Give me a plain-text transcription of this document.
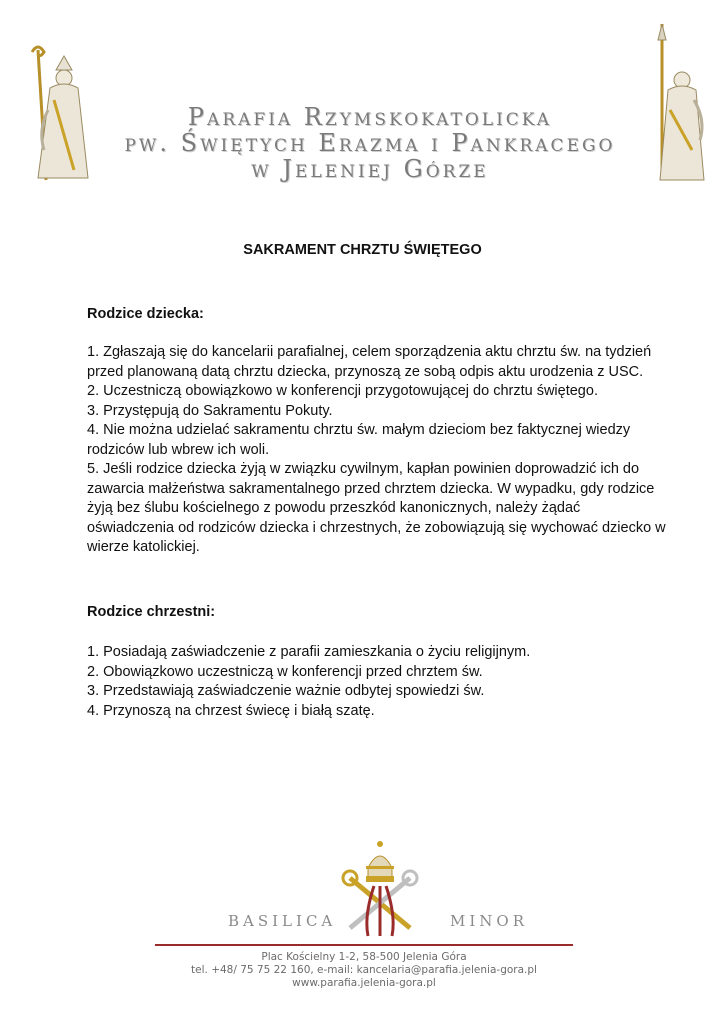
Parafia Rzymskokatolicka
pw. Świętych Erazma i Pankracego
w Jeleniej Górze
SAKRAMENT CHRZTU ŚWIĘTEGO
Rodzice dziecka:

1. Zgłaszają się do kancelarii parafialnej, celem sporządzenia aktu chrztu św. na tydzień przed planowaną datą chrztu dziecka, przynoszą ze sobą odpis aktu urodzenia z USC.

2. Uczestniczą obowiązkowo w konferencji przygotowującej do chrztu świętego.

3. Przystępują do Sakramentu Pokuty.

4. Nie można udzielać sakramentu chrztu św. małym dzieciom bez faktycznej wiedzy rodziców lub wbrew ich woli.

5. Jeśli rodzice dziecka żyją w związku cywilnym, kapłan powinien doprowadzić ich do zawarcia małżeństwa sakramentalnego przed chrztem dziecka. W wypadku, gdy rodzice żyją bez ślubu kościelnego z powodu przeszkód kanonicznych, należy żądać oświadczenia od rodziców dziecka i chrzestnych, że zobowiązują się wychować dziecko w wierze katolickiej.

Rodzice chrzestni:

1. Posiadają zaświadczenie z parafii zamieszkania o życiu religijnym.

2. Obowiązkowo uczestniczą w konferencji przed chrztem św.

3. Przedstawiają zaświadczenie ważnie odbytej spowiedzi św.

4. Przynoszą na chrzest świecę i białą szatę.

BASILICA	MINOR
Plac Kościelny 1-2, 58-500 Jelenia Góra
tel. +48/ 75 75 22 160, e-mail: kancelaria@parafia.jelenia-gora.pl
www.parafia.jelenia-gora.pl
